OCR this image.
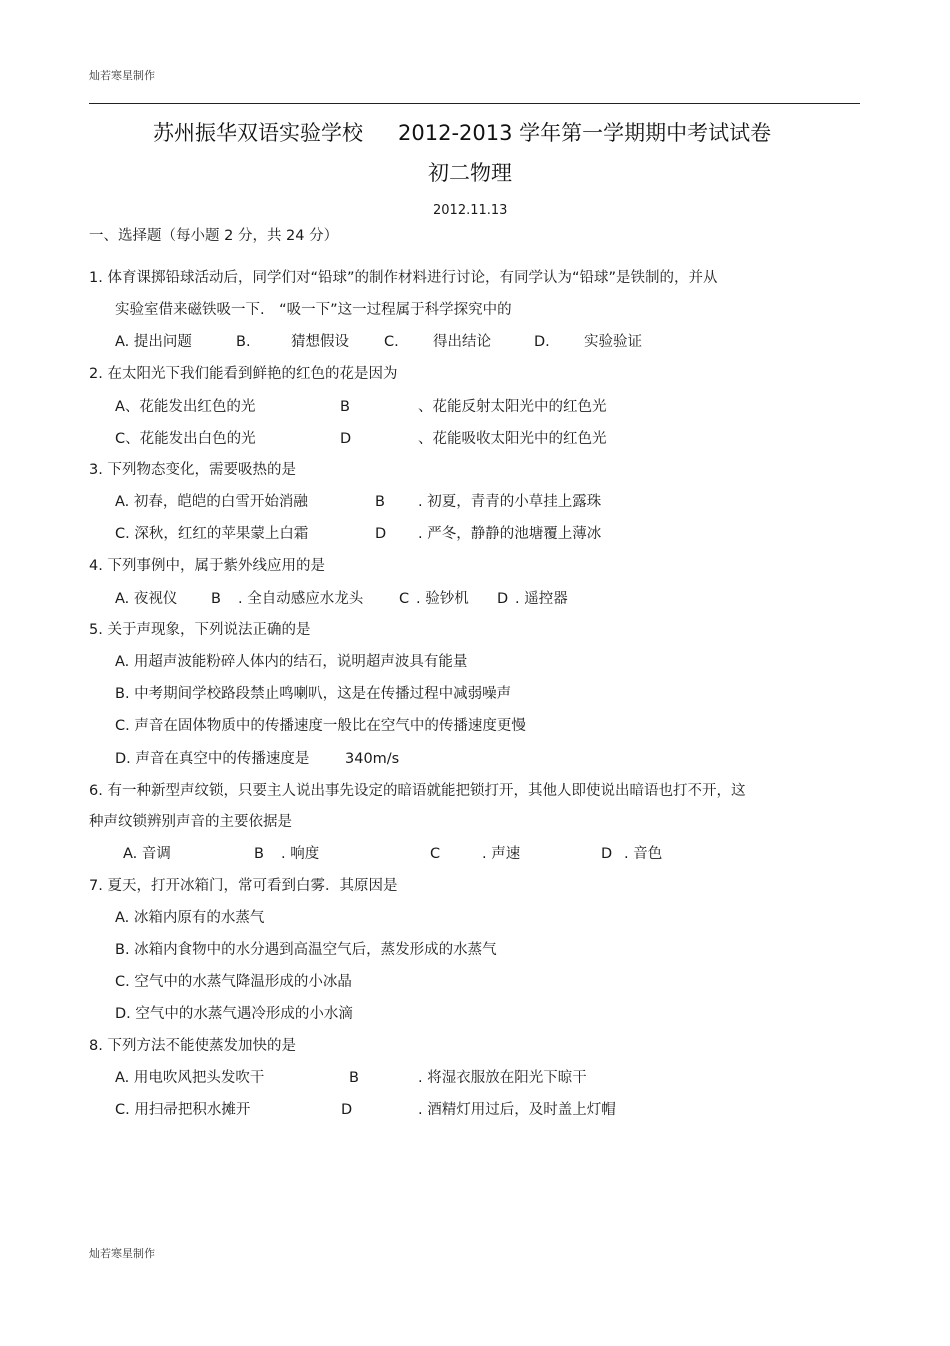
灿若寒星制作
苏州振华双语实验学校 2012-2013 学年第一学期期中考试试卷
初二物理
2012.11.13
一、选择题（每小题 2 分，共 24 分）
1. 体育课掷铅球活动后，同学们对“铅球”的制作材料进行讨论，有同学认为“铅球”是铁制的，并从
实验室借来磁铁吸一下.　“吸一下”这一过程属于科学探究中的
A. 提出问题	B.	猜想假设 C. 得出结论	D. 实验验证
2. 在太阳光下我们能看到鲜艳的红色的花是因为
A、花能发出红色的光	B	、花能反射太阳光中的红色光
C、花能发出白色的光	D	、花能吸收太阳光中的红色光
3. 下列物态变化，需要吸热的是
A. 初春，皑皑的白雪开始消融	B . 初夏，青青的小草挂上露珠
C. 深秋，红红的苹果蒙上白霜	D . 严冬，静静的池塘覆上薄冰
4. 下列事例中，属于紫外线应用的是
A. 夜视仪 B . 全自动感应水龙头 C . 验钞机 D . 遥控器
5. 关于声现象，下列说法正确的是
A. 用超声波能粉碎人体内的结石，说明超声波具有能量
B. 中考期间学校路段禁止鸣喇叭，这是在传播过程中减弱噪声
C. 声音在固体物质中的传播速度一般比在空气中的传播速度更慢
D. 声音在真空中的传播速度是 340m/s
6. 有一种新型声纹锁，只要主人说出事先设定的暗语就能把锁打开，其他人即使说出暗语也打不开，这
种声纹锁辨别声音的主要依据是
A. 音调	B . 响度	C	. 声速	D . 音色
7. 夏天，打开冰箱门，常可看到白雾．其原因是
A. 冰箱内原有的水蒸气
B. 冰箱内食物中的水分遇到高温空气后，蒸发形成的水蒸气
C. 空气中的水蒸气降温形成的小冰晶
D. 空气中的水蒸气遇冷形成的小水滴
8. 下列方法不能使蒸发加快的是
A. 用电吹风把头发吹干	B	. 将湿衣服放在阳光下晾干
C. 用扫帚把积水摊开	D	. 酒精灯用过后，及时盖上灯帽
灿若寒星制作
